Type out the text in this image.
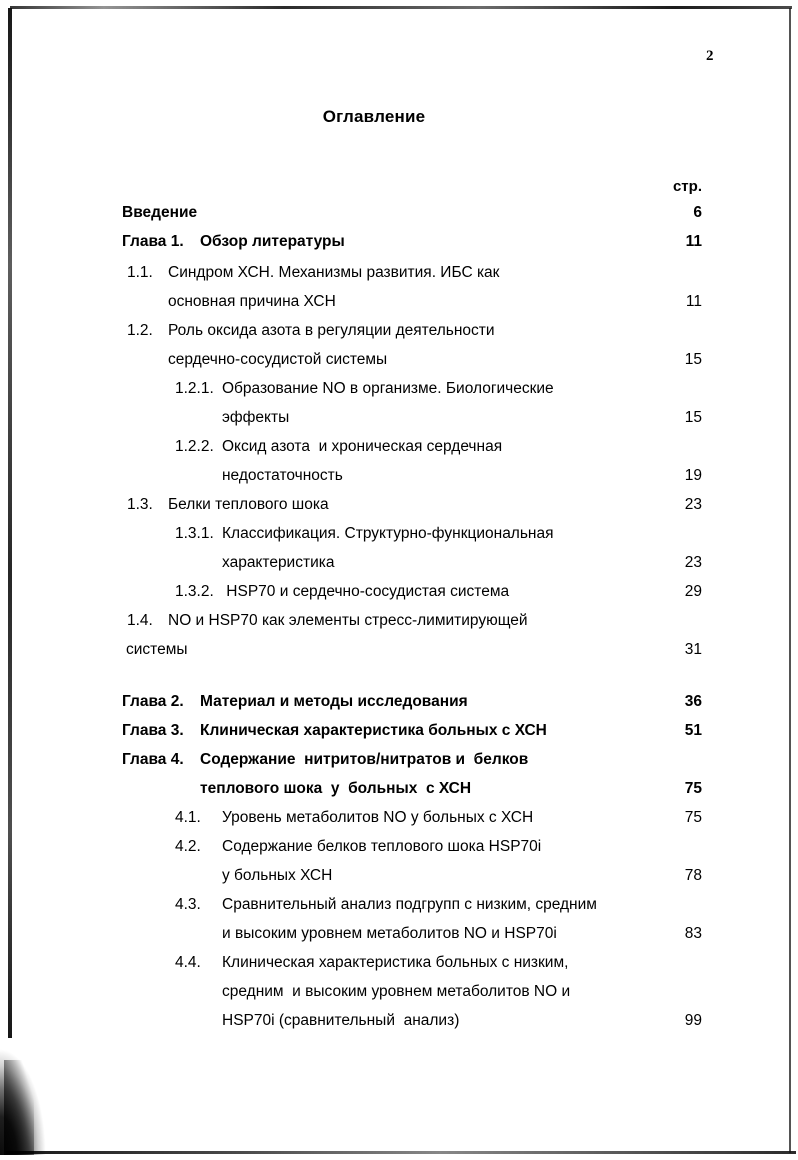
2
Оглавление
стр.
Введение	6
Глава 1. Обзор литературы	11
1.1. Синдром ХСН. Механизмы развития. ИБС как
основная причина ХСН	11
1.2. Роль оксида азота в регуляции деятельности
сердечно-сосудистой системы	15
1.2.1. Образование NO в организме. Биологические
эффекты	15
1.2.2. Оксид азота  и хроническая сердечная
недостаточность	19
1.3. Белки теплового шока	23
1.3.1. Классификация. Структурно-функциональная
характеристика	23
1.3.2. HSP70 и сердечно-сосудистая система	29
1.4. NO и HSP70 как элементы стресс-лимитирующей
системы	31
Глава 2. Материал и методы исследования	36
Глава 3. Клиническая характеристика больных с ХСН	51
Глава 4. Содержание  нитритов/нитратов и  белков
теплового шока  у  больных  с ХСН	75
4.1. Уровень метаболитов NO у больных с ХСН	75
4.2. Содержание белков теплового шока HSP70i
у больных ХСН	78
4.3. Сравнительный анализ подгрупп с низким, средним
и высоким уровнем метаболитов NO и HSP70i	83
4.4. Клиническая характеристика больных с низким,
средним  и высоким уровнем метаболитов NO и
HSP70i (сравнительный  анализ)	99
